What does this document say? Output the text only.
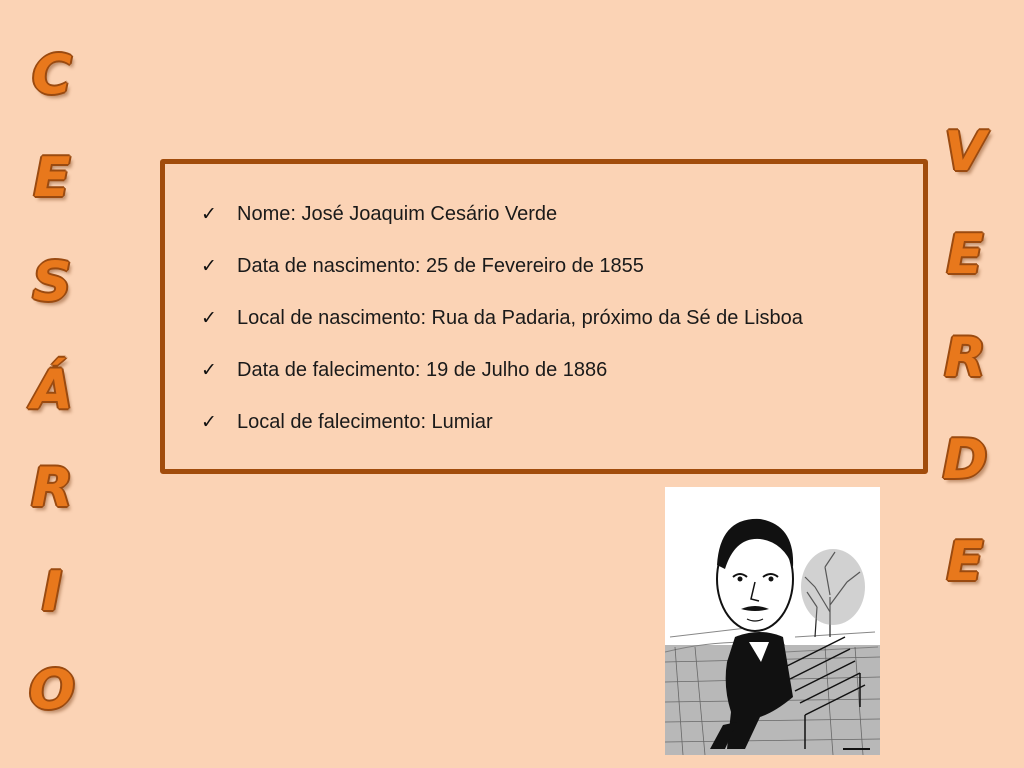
C
E
S
Á
R
I
O
V
E
R
D
E
✓	Nome: José Joaquim Cesário Verde
✓	Data de nascimento: 25 de Fevereiro de 1855
✓	Local de nascimento: Rua da Padaria, próximo da Sé de Lisboa
✓	Data de falecimento: 19 de Julho de 1886
✓	Local de falecimento: Lumiar
